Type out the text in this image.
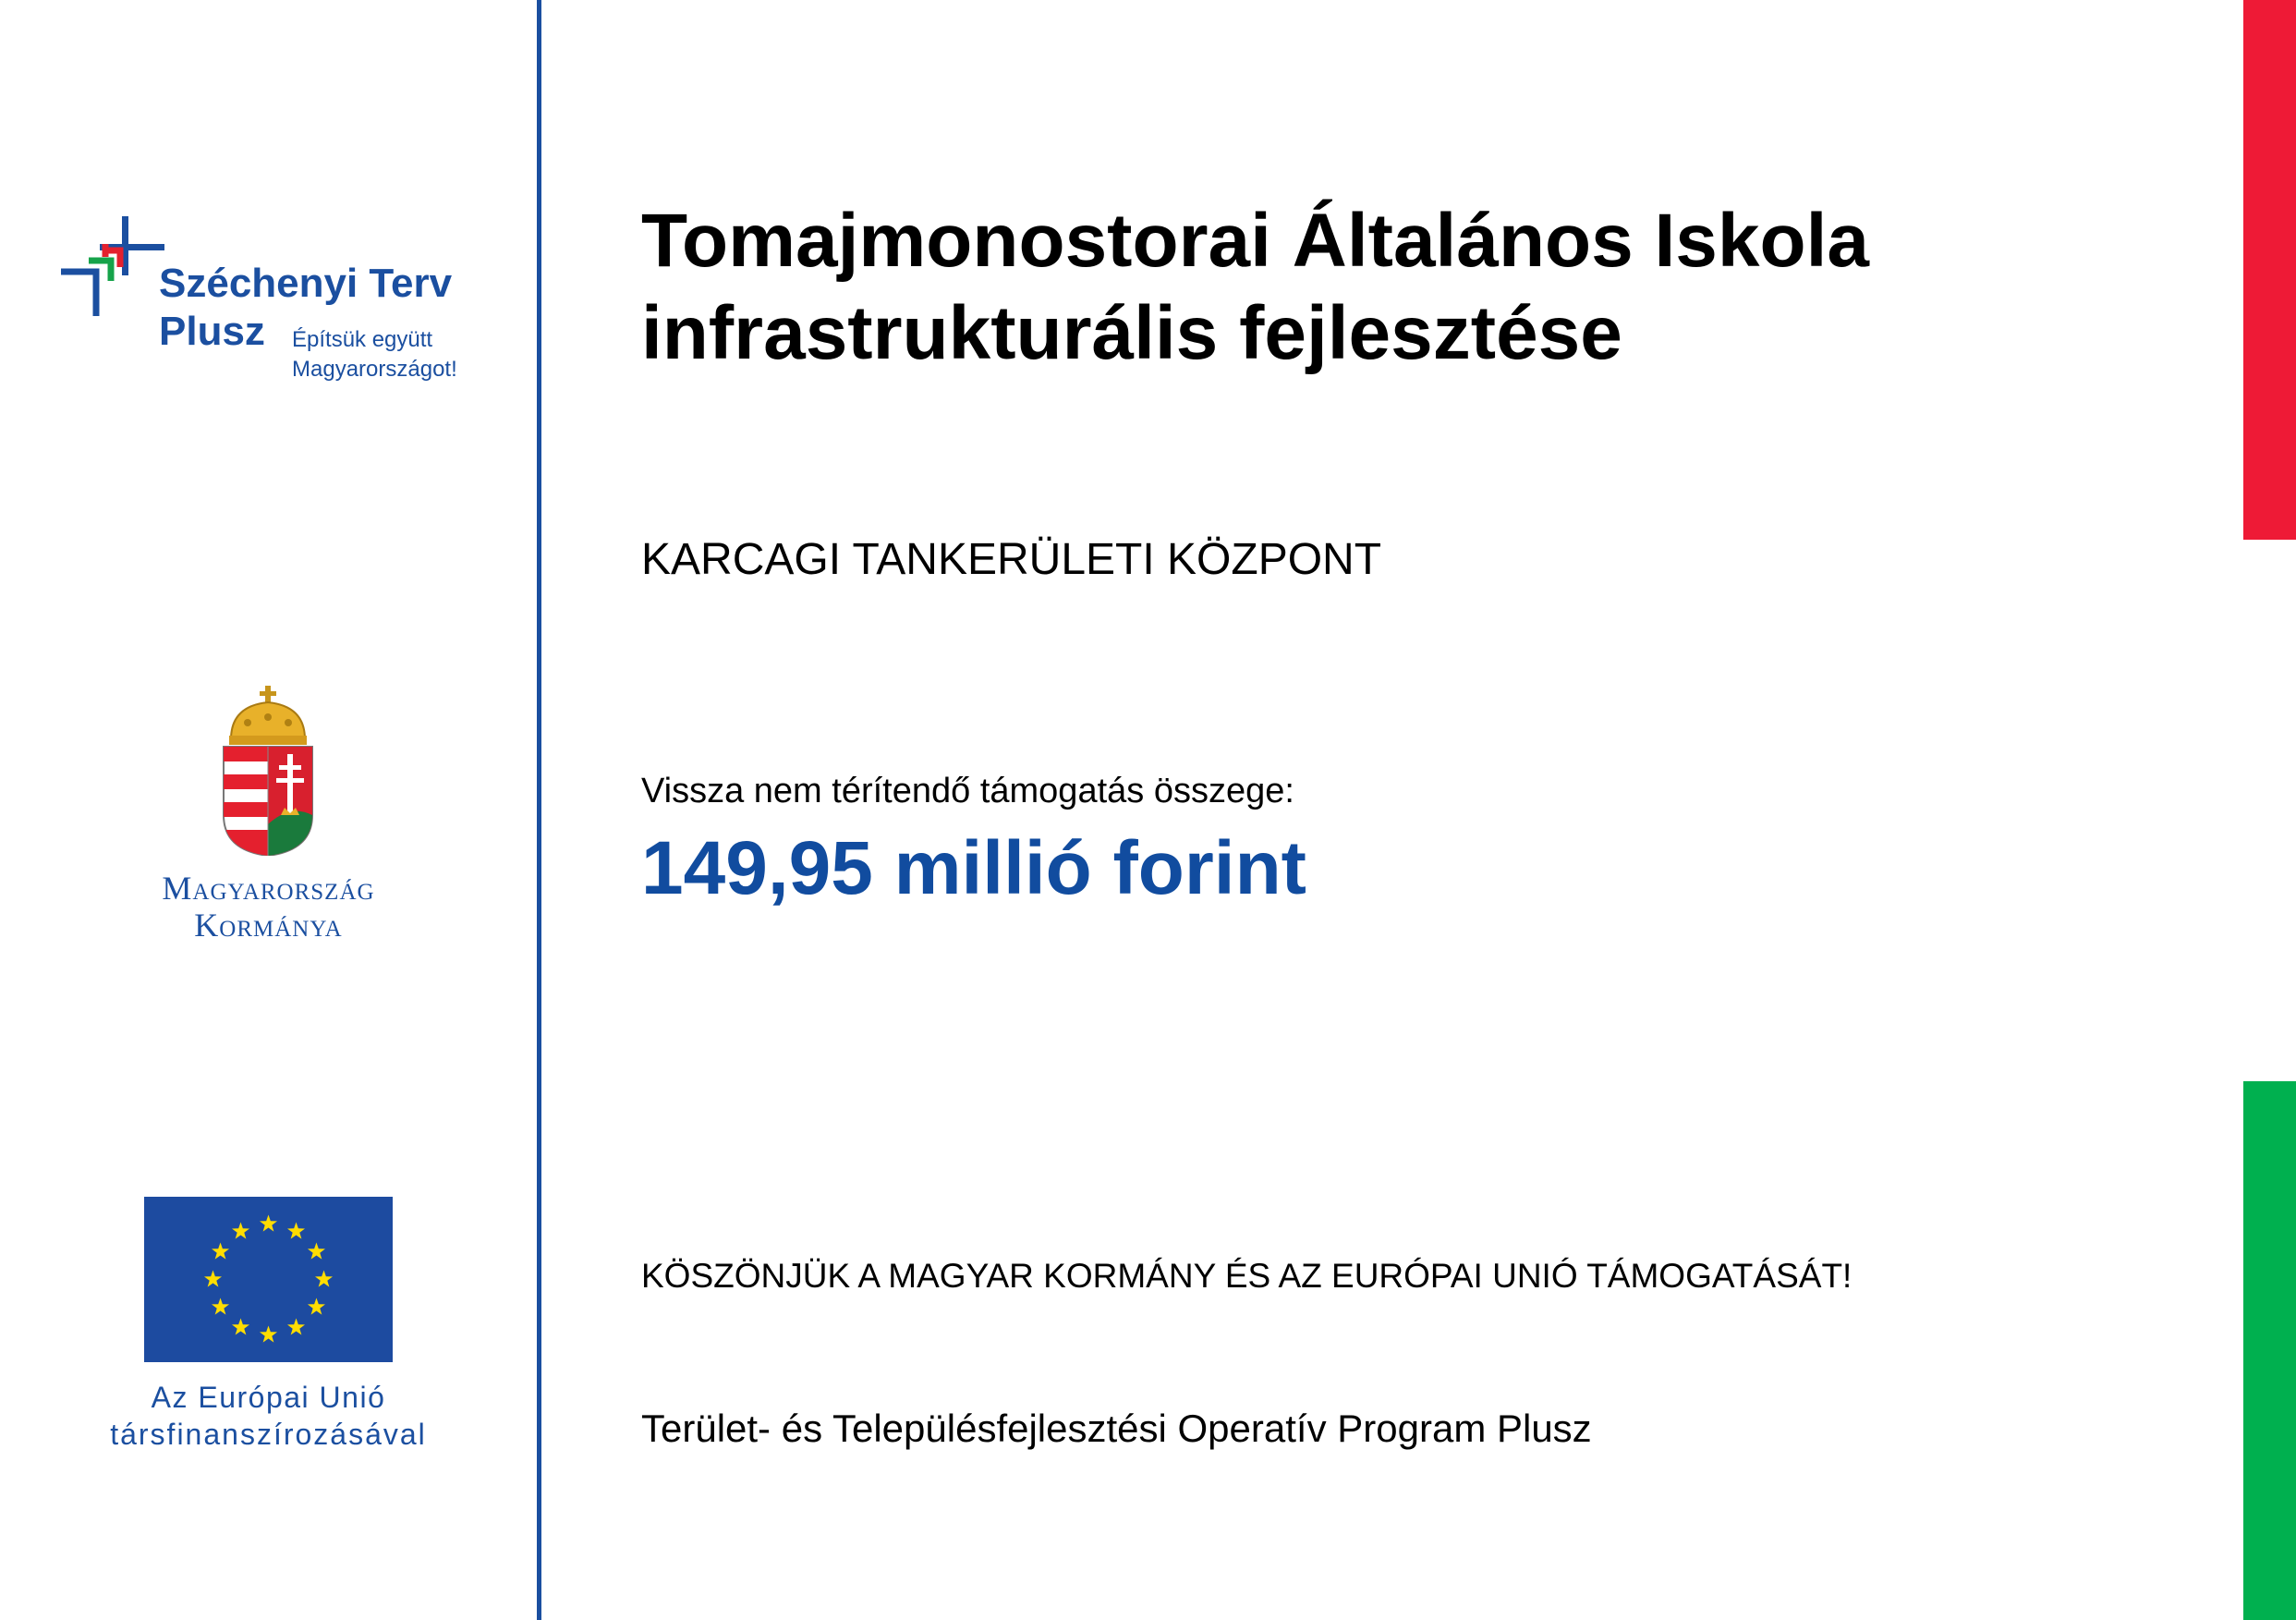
Széchenyi Terv
Plusz Építsük együtt
Magyarországot!
Magyarország
Kormánya
Az Európai Unió
társfinanszírozásával
Tomajmonostorai Általános Iskola
infrastrukturális fejlesztése
KARCAGI TANKERÜLETI KÖZPONT
Vissza nem térítendő támogatás összege:
149,95 millió forint
KÖSZÖNJÜK A MAGYAR KORMÁNY ÉS AZ EURÓPAI UNIÓ TÁMOGATÁSÁT!
Terület- és Településfejlesztési Operatív Program Plusz
